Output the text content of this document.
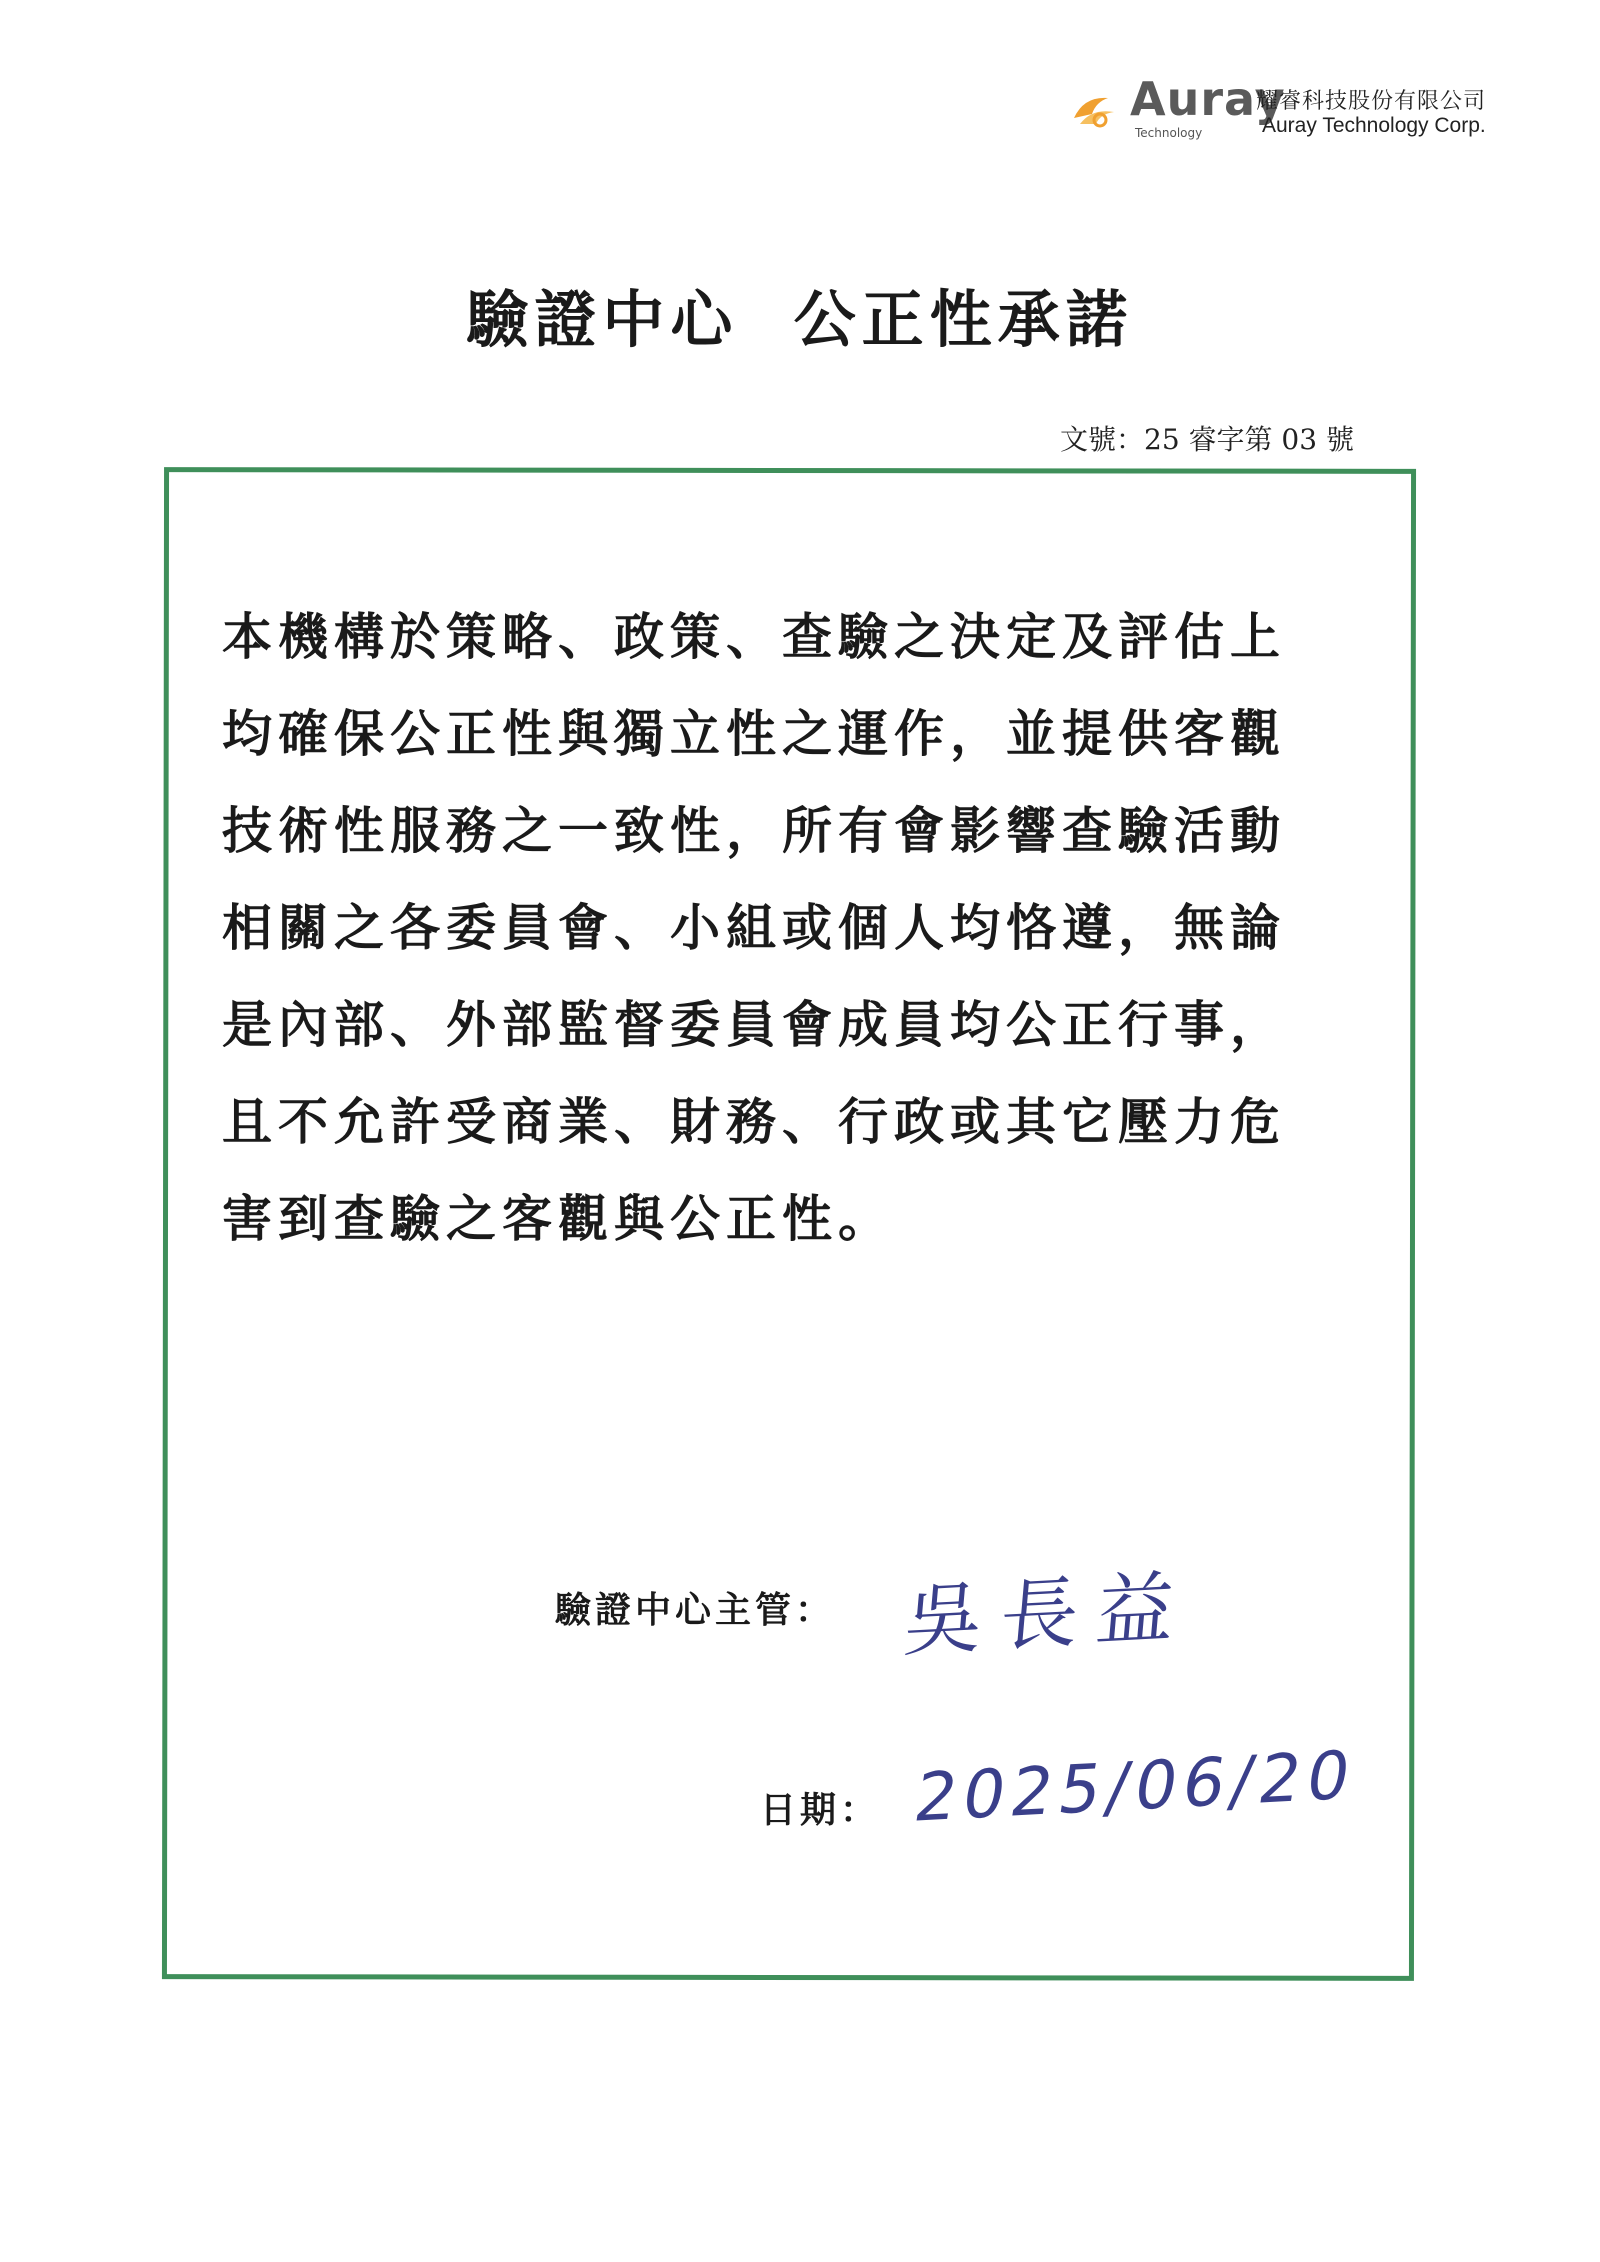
Auray
Technology
耀睿科技股份有限公司
Auray Technology Corp.
驗證中心  公正性承諾
文號：25 睿字第 03 號

本機構於策略、政策、查驗之決定及評估上

均確保公正性與獨立性之運作，並提供客觀

技術性服務之一致性，所有會影響查驗活動

相關之各委員會、小組或個人均恪遵，無論

是內部、外部監督委員會成員均公正行事，

且不允許受商業、財務、行政或其它壓力危

害到查驗之客觀與公正性。

驗證中心主管： 吳長益
日期： 2025/06/20
